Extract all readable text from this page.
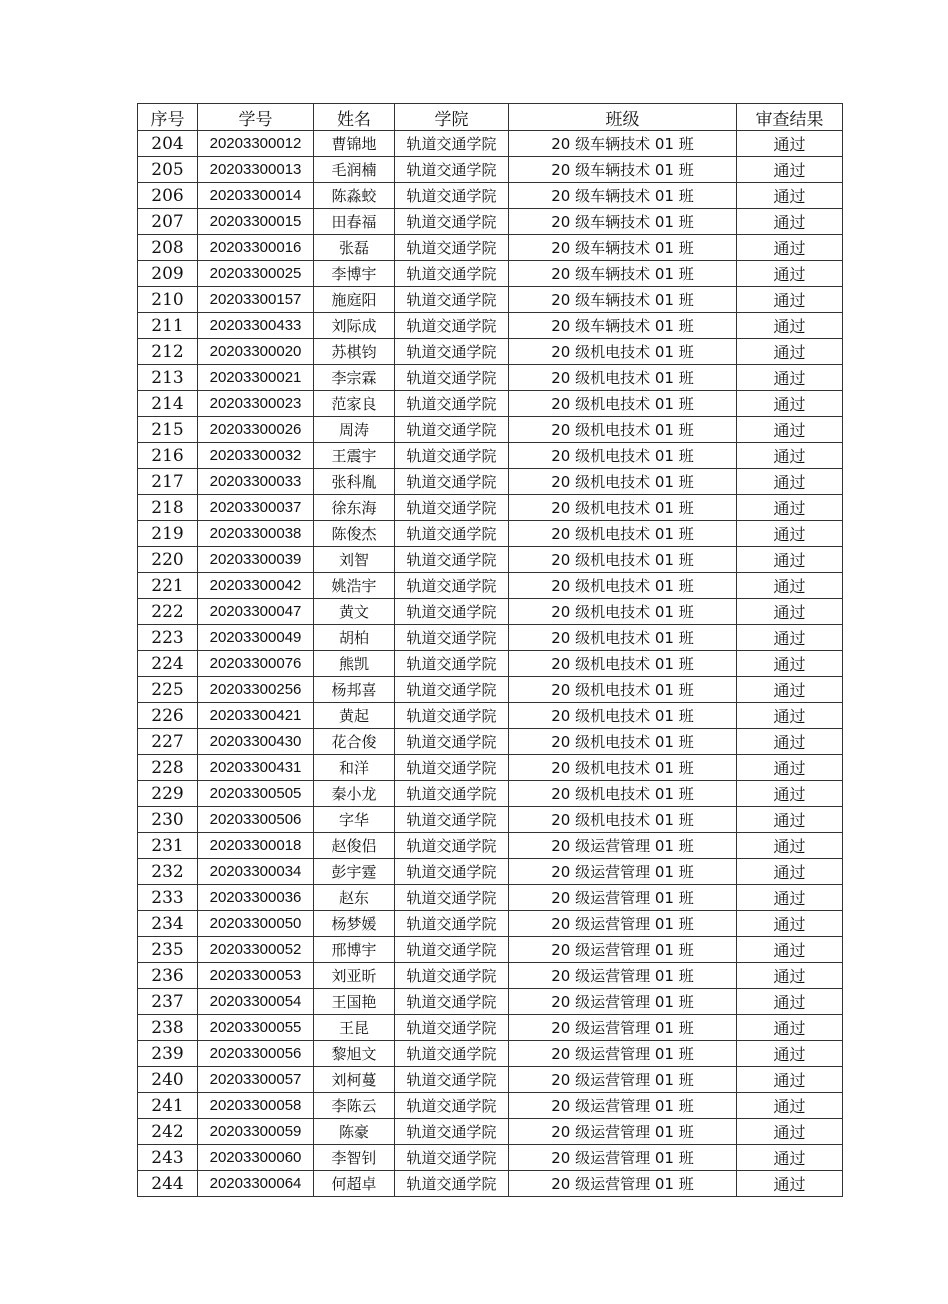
序号	学号	姓名	学院	班级	审查结果
204	20203300012	曹锦地	轨道交通学院	20 级车辆技术 01 班	通过
205	20203300013	毛润楠	轨道交通学院	20 级车辆技术 01 班	通过
206	20203300014	陈淼蛟	轨道交通学院	20 级车辆技术 01 班	通过
207	20203300015	田春福	轨道交通学院	20 级车辆技术 01 班	通过
208	20203300016	张磊	轨道交通学院	20 级车辆技术 01 班	通过
209	20203300025	李博宇	轨道交通学院	20 级车辆技术 01 班	通过
210	20203300157	施庭阳	轨道交通学院	20 级车辆技术 01 班	通过
211	20203300433	刘际成	轨道交通学院	20 级车辆技术 01 班	通过
212	20203300020	苏棋钧	轨道交通学院	20 级机电技术 01 班	通过
213	20203300021	李宗霖	轨道交通学院	20 级机电技术 01 班	通过
214	20203300023	范家良	轨道交通学院	20 级机电技术 01 班	通过
215	20203300026	周涛	轨道交通学院	20 级机电技术 01 班	通过
216	20203300032	王震宇	轨道交通学院	20 级机电技术 01 班	通过
217	20203300033	张科胤	轨道交通学院	20 级机电技术 01 班	通过
218	20203300037	徐东海	轨道交通学院	20 级机电技术 01 班	通过
219	20203300038	陈俊杰	轨道交通学院	20 级机电技术 01 班	通过
220	20203300039	刘智	轨道交通学院	20 级机电技术 01 班	通过
221	20203300042	姚浩宇	轨道交通学院	20 级机电技术 01 班	通过
222	20203300047	黄文	轨道交通学院	20 级机电技术 01 班	通过
223	20203300049	胡柏	轨道交通学院	20 级机电技术 01 班	通过
224	20203300076	熊凯	轨道交通学院	20 级机电技术 01 班	通过
225	20203300256	杨邦喜	轨道交通学院	20 级机电技术 01 班	通过
226	20203300421	黄起	轨道交通学院	20 级机电技术 01 班	通过
227	20203300430	花合俊	轨道交通学院	20 级机电技术 01 班	通过
228	20203300431	和洋	轨道交通学院	20 级机电技术 01 班	通过
229	20203300505	秦小龙	轨道交通学院	20 级机电技术 01 班	通过
230	20203300506	字华	轨道交通学院	20 级机电技术 01 班	通过
231	20203300018	赵俊侣	轨道交通学院	20 级运营管理 01 班	通过
232	20203300034	彭宇霆	轨道交通学院	20 级运营管理 01 班	通过
233	20203300036	赵东	轨道交通学院	20 级运营管理 01 班	通过
234	20203300050	杨梦媛	轨道交通学院	20 级运营管理 01 班	通过
235	20203300052	邢博宇	轨道交通学院	20 级运营管理 01 班	通过
236	20203300053	刘亚昕	轨道交通学院	20 级运营管理 01 班	通过
237	20203300054	王国艳	轨道交通学院	20 级运营管理 01 班	通过
238	20203300055	王昆	轨道交通学院	20 级运营管理 01 班	通过
239	20203300056	黎旭文	轨道交通学院	20 级运营管理 01 班	通过
240	20203300057	刘柯蔓	轨道交通学院	20 级运营管理 01 班	通过
241	20203300058	李陈云	轨道交通学院	20 级运营管理 01 班	通过
242	20203300059	陈豪	轨道交通学院	20 级运营管理 01 班	通过
243	20203300060	李智钊	轨道交通学院	20 级运营管理 01 班	通过
244	20203300064	何超卓	轨道交通学院	20 级运营管理 01 班	通过
